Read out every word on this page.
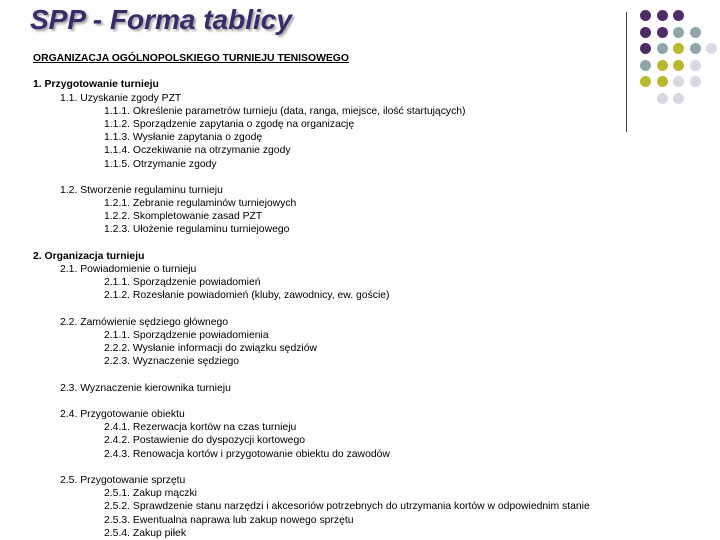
SPP - Forma tablicy
ORGANIZACJA OGÓLNOPOLSKIEGO TURNIEJU TENISOWEGO
1. Przygotowanie turnieju
1.1. Uzyskanie zgody PZT
1.1.1. Określenie parametrów turnieju (data, ranga, miejsce, ilość startujących)
1.1.2. Sporządzenie zapytania o zgodę na organizację
1.1.3. Wysłanie zapytania o zgodę
1.1.4. Oczekiwanie na otrzymanie zgody
1.1.5. Otrzymanie zgody
1.2. Stworzenie regulaminu turnieju
1.2.1. Zebranie regulaminów turniejowych
1.2.2. Skompletowanie zasad PZT
1.2.3. Ułożenie regulaminu turniejowego
2. Organizacja turnieju
2.1. Powiadomienie o turnieju
2.1.1. Sporządzenie powiadomień
2.1.2. Rozesłanie powiadomień (kluby, zawodnicy, ew. goście)
2.2. Zamówienie sędziego głównego
2.1.1. Sporządzenie powiadomienia
2.2.2. Wysłanie informacji do związku sędziów
2.2.3. Wyznaczenie sędziego
2.3. Wyznaczenie kierownika turnieju
2.4. Przygotowanie obiektu
2.4.1. Rezerwacja kortów na czas turnieju
2.4.2. Postawienie do dyspozycji kortowego
2.4.3. Renowacja kortów i przygotowanie obiektu do zawodów
2.5. Przygotowanie sprzętu
2.5.1. Zakup mączki
2.5.2. Sprawdzenie stanu narzędzi i akcesoriów potrzebnych do utrzymania kortów w odpowiednim stanie
2.5.3. Ewentualna naprawa lub zakup nowego sprzętu
2.5.4. Zakup piłek
